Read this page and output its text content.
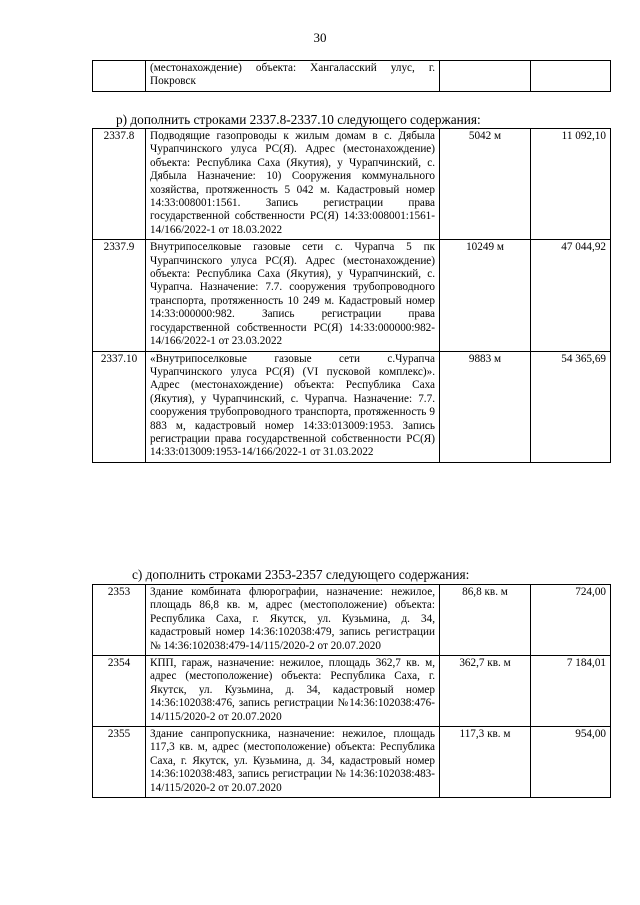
30
	(местонахождение) объекта: Хангаласский улус, г. Покровск		
р) дополнить строками 2337.8-2337.10 следующего содержания:
2337.8	Подводящие газопроводы к жилым домам в с. Дябыла Чурапчинского улуса РС(Я). Адрес (местонахождение) объекта: Республика Саха (Якутия), у Чурапчинский, с. Дябыла Назначение: 10) Сооружения коммунального хозяйства, протяженность 5 042 м. Кадастровый номер 14:33:008001:1561. Запись регистрации права государственной собственности РС(Я) 14:33:008001:1561-14/166/2022-1 от 18.03.2022	5042 м	11 092,10
2337.9	Внутрипоселковые газовые сети с. Чурапча 5 пк Чурапчинского улуса РС(Я). Адрес (местонахождение) объекта: Республика Саха (Якутия), у Чурапчинский, с. Чурапча. Назначение: 7.7. сооружения трубопроводного транспорта, протяженность 10 249 м. Кадастровый номер 14:33:000000:982. Запись регистрации права государственной собственности РС(Я) 14:33:000000:982-14/166/2022-1 от 23.03.2022	10249 м	47 044,92
2337.10	«Внутрипоселковые газовые сети с.Чурапча Чурапчинского улуса РС(Я) (VI пусковой комплекс)». Адрес (местонахождение) объекта: Республика Саха (Якутия), у Чурапчинский, с. Чурапча. Назначение: 7.7. сооружения трубопроводного транспорта, протяженность 9 883 м, кадастровый номер 14:33:013009:1953. Запись регистрации права государственной собственности РС(Я) 14:33:013009:1953-14/166/2022-1 от 31.03.2022	9883 м	54 365,69
с) дополнить строками 2353-2357 следующего содержания:
2353	Здание комбината флюрографии, назначение: нежилое, площадь 86,8 кв. м, адрес (местоположение) объекта: Республика Саха, г. Якутск, ул. Кузьмина, д. 34, кадастровый номер 14:36:102038:479, запись регистрации № 14:36:102038:479-14/115/2020-2 от 20.07.2020	86,8 кв. м	724,00
2354	КПП, гараж, назначение: нежилое, площадь 362,7 кв. м, адрес (местоположение) объекта: Республика Саха, г. Якутск, ул. Кузьмина, д. 34, кадастровый номер 14:36:102038:476, запись регистрации №14:36:102038:476-14/115/2020-2 от 20.07.2020	362,7 кв. м	7 184,01
2355	Здание санпропускника, назначение: нежилое, площадь 117,3 кв. м, адрес (местоположение) объекта: Республика Саха, г. Якутск, ул. Кузьмина, д. 34, кадастровый номер 14:36:102038:483, запись регистрации № 14:36:102038:483-14/115/2020-2 от 20.07.2020	117,3 кв. м	954,00
